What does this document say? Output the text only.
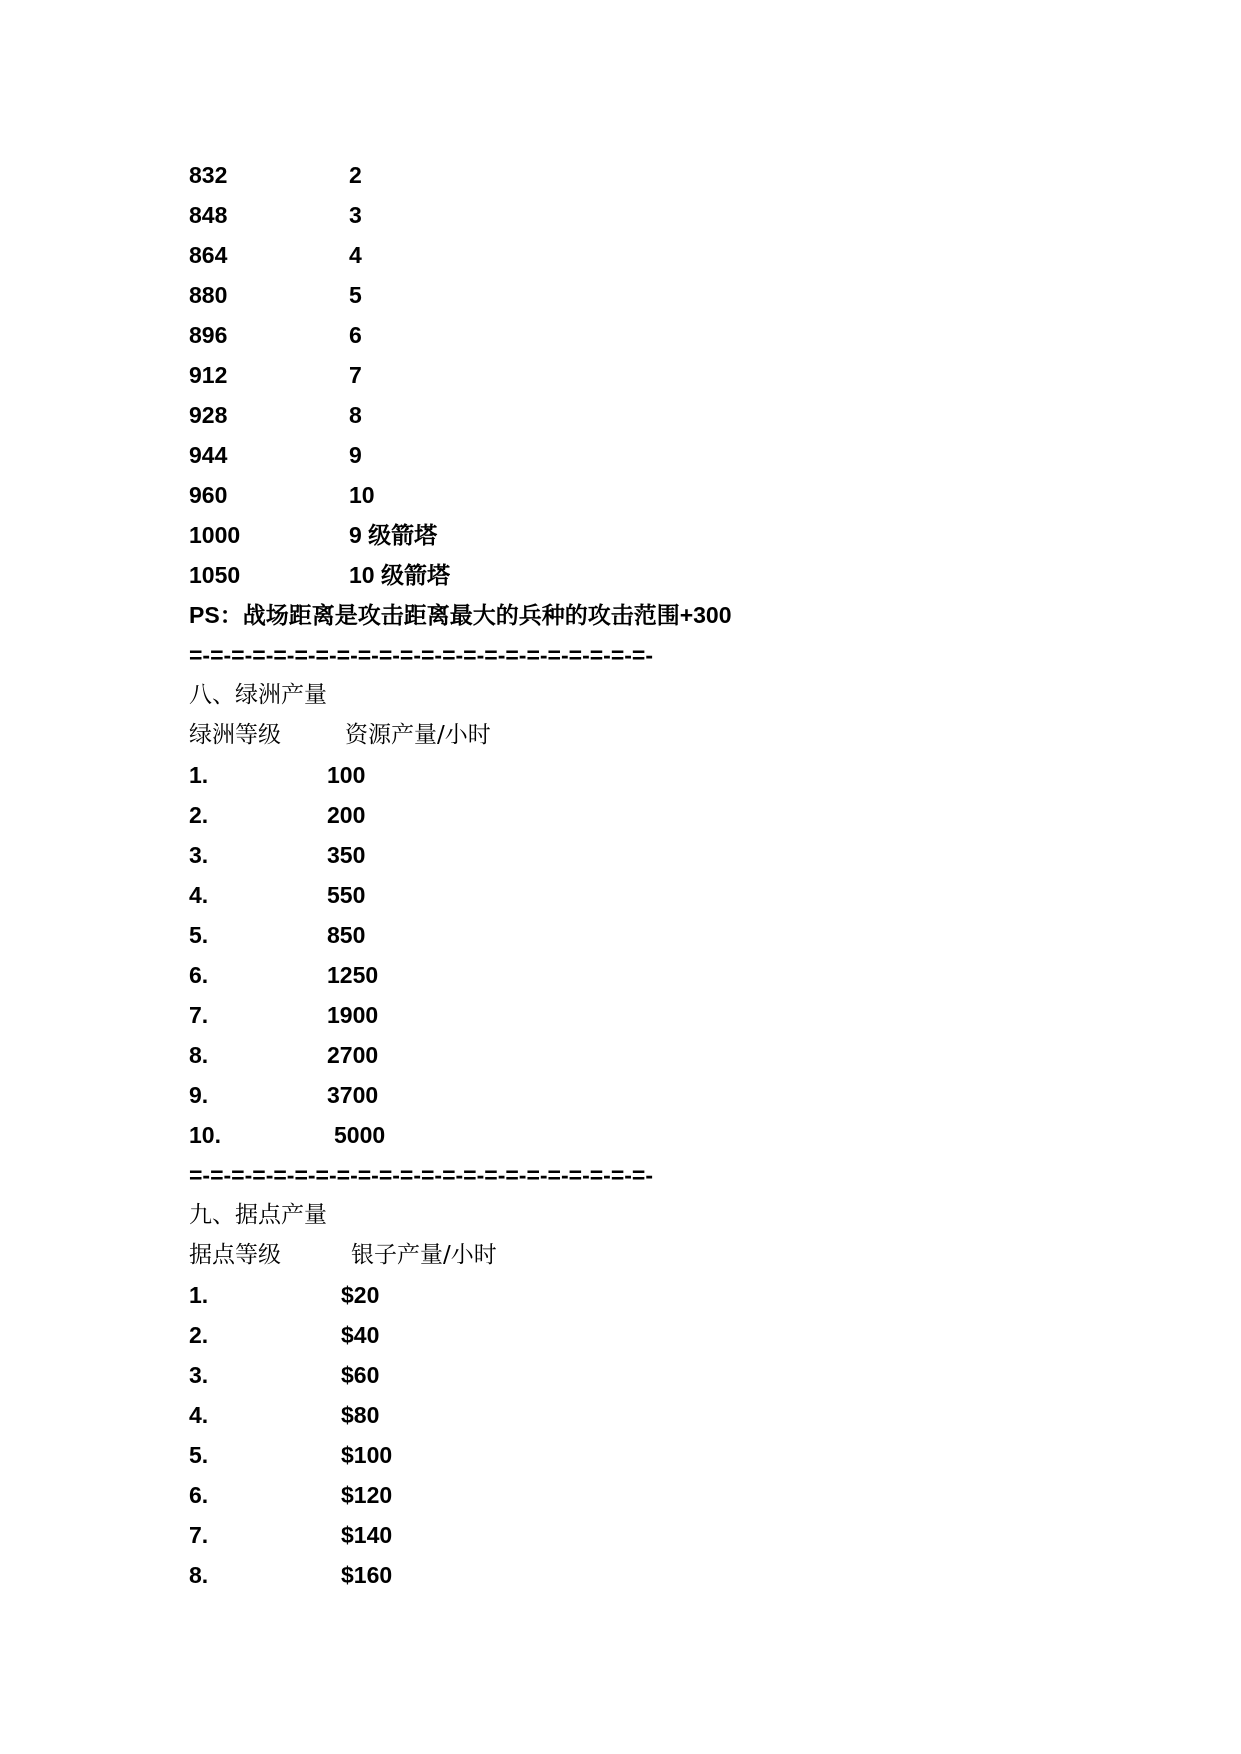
832	2
848	3
864	4
880	5
896	6
912	7
928	8
944	9
960	10
1000	9 级箭塔
1050	10 级箭塔
PS：战场距离是攻击距离最大的兵种的攻击范围+300
=-=-=-=-=-=-=-=-=-=-=-=-=-=-=-=-=-=-=-=-=-=-
八、绿洲产量
绿洲等级	资源产量/小时
1.	100
2.	200
3.	350
4.	550
5.	850
6.	1250
7.	1900
8.	2700
9.	3700
10.	5000
=-=-=-=-=-=-=-=-=-=-=-=-=-=-=-=-=-=-=-=-=-=-
九、据点产量
据点等级	银子产量/小时
1.	$20
2.	$40
3.	$60
4.	$80
5.	$100
6.	$120
7.	$140
8.	$160
